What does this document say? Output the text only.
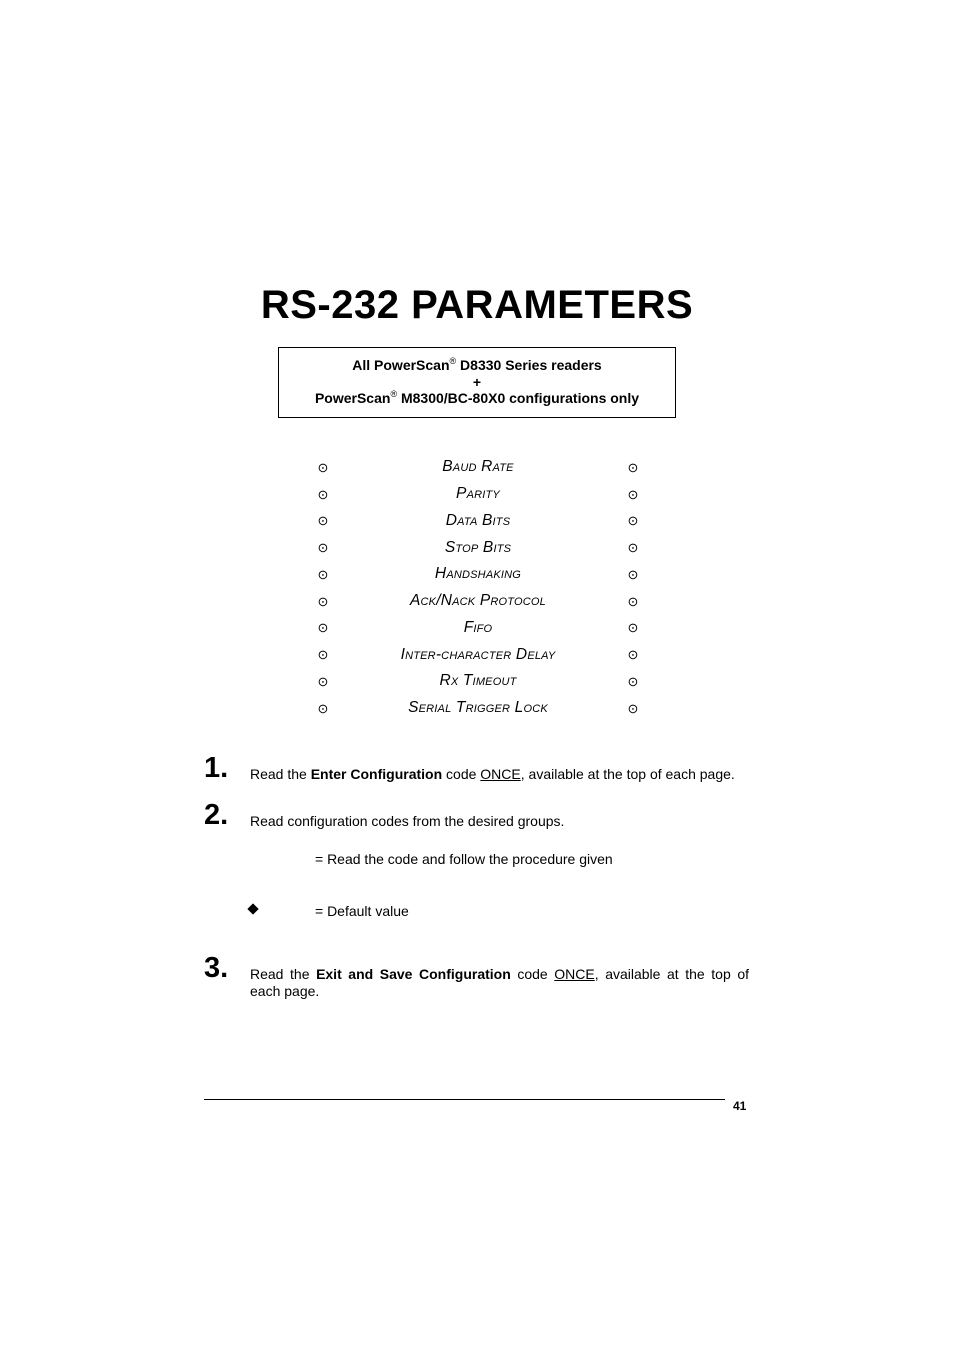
RS-232 PARAMETERS
All PowerScan® D8330 Series readers
+
PowerScan® M8300/BC-80X0 configurations only
⊙	Baud Rate	⊙
⊙	Parity	⊙
⊙	Data Bits	⊙
⊙	Stop Bits	⊙
⊙	Handshaking	⊙
⊙	Ack/Nack Protocol	⊙
⊙	Fifo	⊙
⊙	Inter-character Delay	⊙
⊙	Rx Timeout	⊙
⊙	Serial Trigger Lock	⊙
1. Read the Enter Configuration code ONCE, available at the top of each page.
2. Read configuration codes from the desired groups.
= Read the code and follow the procedure given
= Default value
3. Read the Exit and Save Configuration code ONCE, available at the top of each page.
41
